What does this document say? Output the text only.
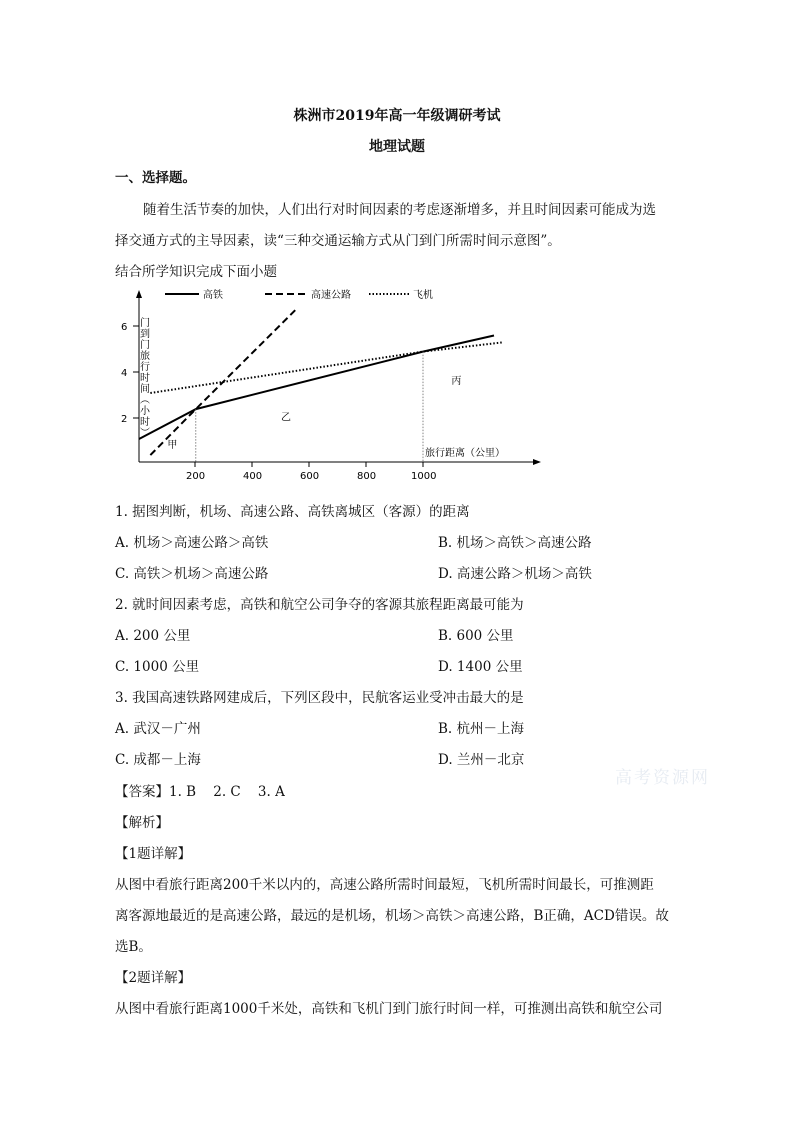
株洲市2019年高一年级调研考试
地理试题
一、选择题。
随着生活节奏的加快，人们出行对时间因素的考虑逐渐增多，并且时间因素可能成为选
择交通方式的主导因素，读“三种交通运输方式从门到门所需时间示意图”。
结合所学知识完成下面小题
2
4
6
200	400	600	800	1000
门到门旅行时间（小时）
旅行距离（公里）
高铁	高速公路	飞机
甲
乙
丙
1. 据图判断，机场、高速公路、高铁离城区（客源）的距离
A. 机场＞高速公路＞高铁	B. 机场＞高铁＞高速公路
C. 高铁＞机场＞高速公路	D. 高速公路＞机场＞高铁
2. 就时间因素考虑，高铁和航空公司争夺的客源其旅程距离最可能为
A. 200 公里	B. 600 公里
C. 1000 公里	D. 1400 公里
3. 我国高速铁路网建成后，下列区段中，民航客运业受冲击最大的是
A. 武汉－广州	B. 杭州－上海
C. 成都－上海	D. 兰州－北京
【答案】1. B    2. C    3. A
高考资源网
【解析】
【1题详解】
从图中看旅行距离200千米以内的，高速公路所需时间最短，飞机所需时间最长，可推测距
离客源地最近的是高速公路，最远的是机场，机场＞高铁＞高速公路，B正确，ACD错误。故
选B。
【2题详解】
从图中看旅行距离1000千米处，高铁和飞机门到门旅行时间一样，可推测出高铁和航空公司
